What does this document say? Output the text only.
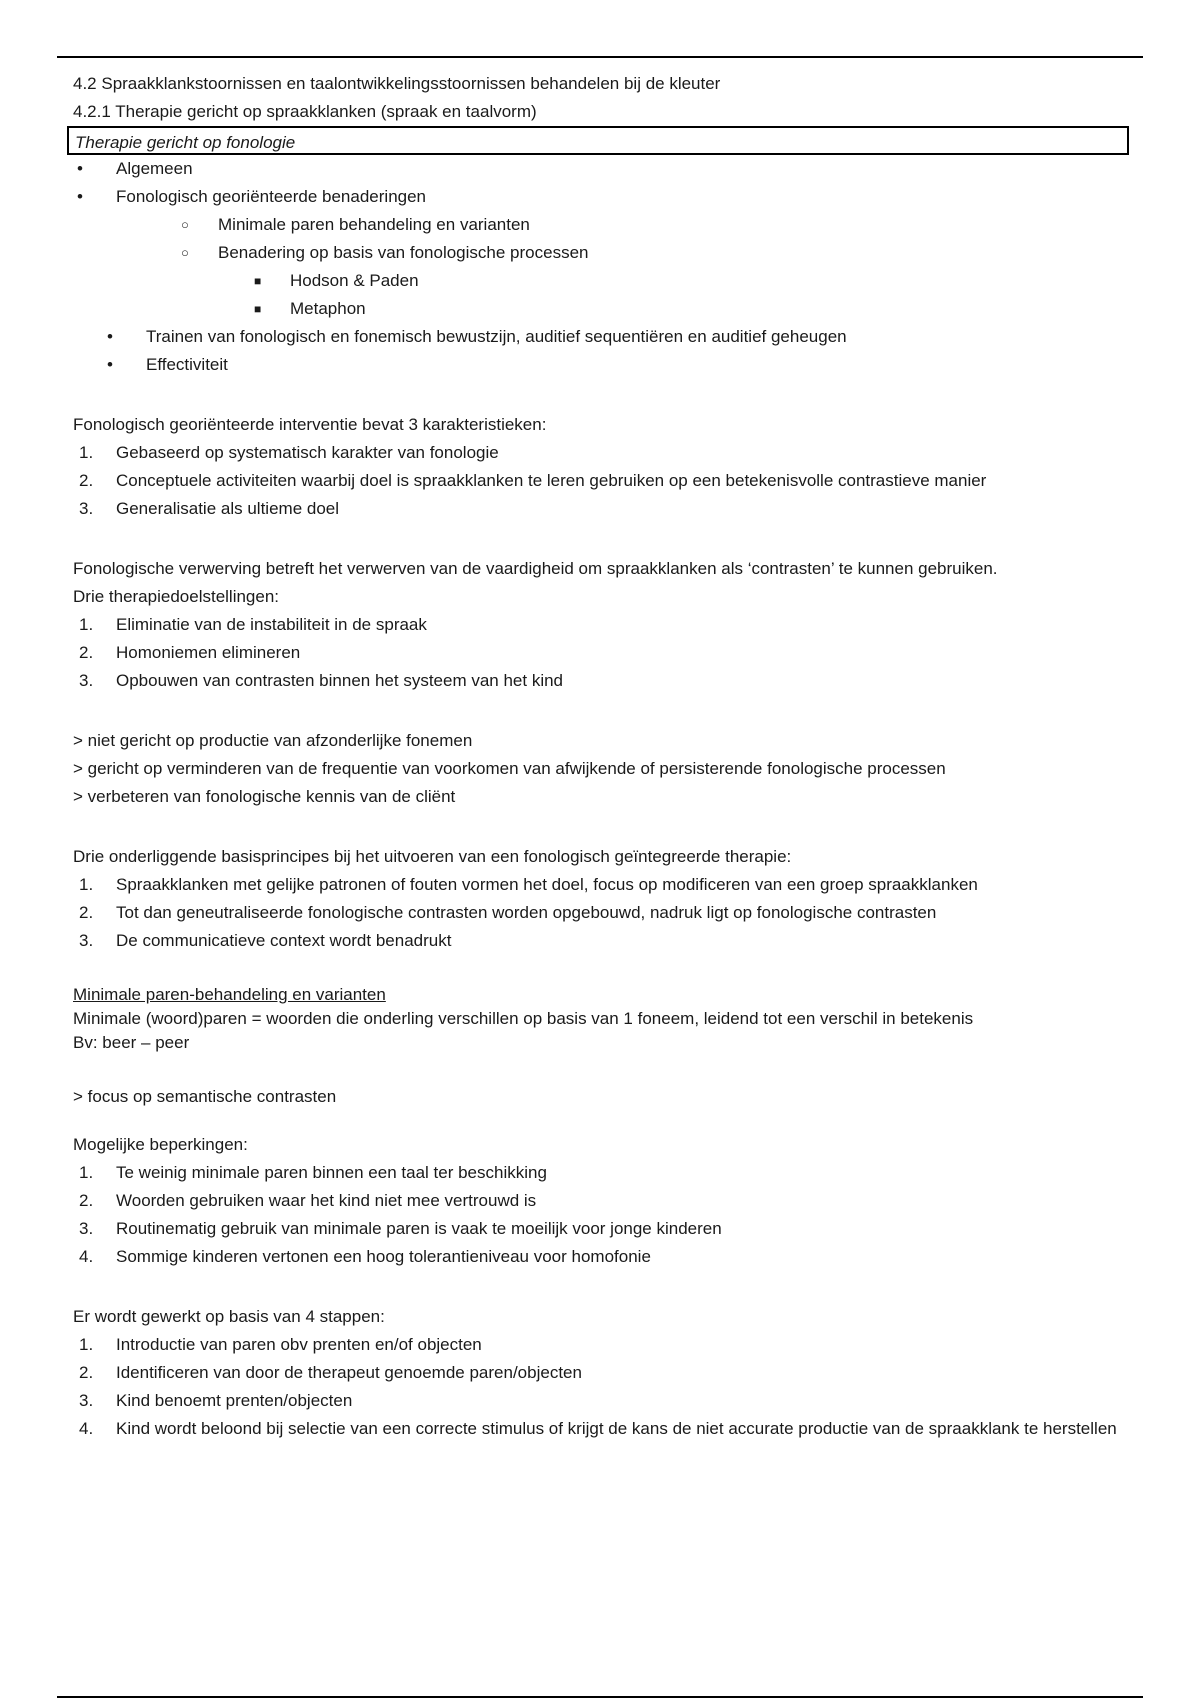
4.2 Spraakklankstoornissen en taalontwikkelingsstoornissen behandelen bij de kleuter
4.2.1 Therapie gericht op spraakklanken (spraak en taalvorm)
Therapie gericht op fonologie
• Algemeen
• Fonologisch georiënteerde benaderingen
○ Minimale paren behandeling en varianten
○ Benadering op basis van fonologische processen
■ Hodson & Paden
■ Metaphon
• Trainen van fonologisch en fonemisch bewustzijn, auditief sequentiëren en auditief geheugen
• Effectiviteit
Fonologisch georiënteerde interventie bevat 3 karakteristieken:
1. Gebaseerd op systematisch karakter van fonologie
2. Conceptuele activiteiten waarbij doel is spraakklanken te leren gebruiken op een betekenisvolle contrastieve manier
3. Generalisatie als ultieme doel
Fonologische verwerving betreft het verwerven van de vaardigheid om spraakklanken als ‘contrasten’ te kunnen gebruiken.
Drie therapiedoelstellingen:
1. Eliminatie van de instabiliteit in de spraak
2. Homoniemen elimineren
3. Opbouwen van contrasten binnen het systeem van het kind
> niet gericht op productie van afzonderlijke fonemen
> gericht op verminderen van de frequentie van voorkomen van afwijkende of persisterende fonologische processen
> verbeteren van fonologische kennis van de cliënt
Drie onderliggende basisprincipes bij het uitvoeren van een fonologisch geïntegreerde therapie:
1. Spraakklanken met gelijke patronen of fouten vormen het doel, focus op modificeren van een groep spraakklanken
2. Tot dan geneutraliseerde fonologische contrasten worden opgebouwd, nadruk ligt op fonologische contrasten
3. De communicatieve context wordt benadrukt
Minimale paren-behandeling en varianten
Minimale (woord)paren = woorden die onderling verschillen op basis van 1 foneem, leidend tot een verschil in betekenis
Bv: beer – peer
> focus op semantische contrasten
Mogelijke beperkingen:
1. Te weinig minimale paren binnen een taal ter beschikking
2. Woorden gebruiken waar het kind niet mee vertrouwd is
3. Routinematig gebruik van minimale paren is vaak te moeilijk voor jonge kinderen
4. Sommige kinderen vertonen een hoog tolerantieniveau voor homofonie
Er wordt gewerkt op basis van 4 stappen:
1. Introductie van paren obv prenten en/of objecten
2. Identificeren van door de therapeut genoemde paren/objecten
3. Kind benoemt prenten/objecten
4. Kind wordt beloond bij selectie van een correcte stimulus of krijgt de kans de niet accurate productie van de spraakklank te herstellen
